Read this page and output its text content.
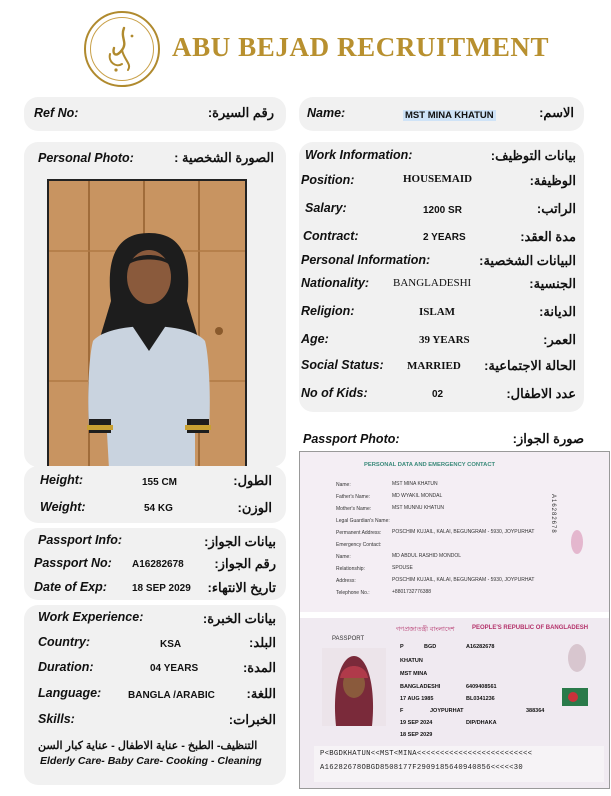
ABU BEJAD RECRUITMENT
Ref No:	رقم السيرة:	Name:	MST MINA KHATUN	الاسم:
Personal Photo:	الصورة الشخصية : Work Information:	بيانات التوظيف:
Position:	HOUSEMAID	الوظيفة:
Salary:	1200 SR	الراتب:
Contract:	2 YEARS	مدة العقد:
Personal Information:	البيانات الشخصية:
Nationality: BANGLADESHI	الجنسية:
Religion:	ISLAM	الديانة:
Age:	39 YEARS	العمر:
Social Status: MARRIED الحالة الاجتماعية:
No of Kids:	02	عدد الاطفال:
Height:	155 CM	الطول:
Weight:	54 KG	الوزن:
Passport Info:	بيانات الجواز:
Passport No: A16282678 رقم الجواز:
Date of Exp:	18 SEP 2029 تاريخ الانتهاء:
Passport Photo:	صورة الجواز:
Work Experience:	بيانات الخبرة:
Country:	KSA	البلد:
Duration:	04 YEARS	المدة:
Language:	BANGLA /ARABIC اللغة:
Skills:	الخبرات:
التنظيف- الطبخ - عناية الاطفال - عناية كبار السن
Elderly Care- Baby Care- Cooking - Cleaning
PERSONAL DATA AND EMERGENCY CONTACT
Name:	MST MINA KHATUN
Father's Name:	MD WYAKIL MONDAL
Mother's Name:	MST MUNNU KHATUN
Legal Guardian's Name:
Permanent Address: POSCHIM KUJAIL, KALAI, BEGUNGRAM - 5930, JOYPURHAT
Emergency Contact:
Name:	MD ABDUL RASHID MONDOL
Relationship:	SPOUSE
Address:	POSCHIM KUJAIL, KALAI, BEGUNGRAM - 5930, JOYPURHAT
Telephone No.:	+8801732776388
A16282678
গণপ্রজাতন্ত্রী বাংলাদেশ	PEOPLE'S REPUBLIC OF BANGLADESH
PASSPORT
P	BGD	A16282678
KHATUN
MST MINA
BANGLADESHI	6409408561
17 AUG 1985	BL0341236
F	JOYPURHAT	388364
19 SEP 2024	DIP/DHAKA
18 SEP 2029
P<BGDKHATUN<<MST<MINA<<<<<<<<<<<<<<<<<<<<<<<<<
A16282678OBGD8508177F2909185640940856<<<<<30
